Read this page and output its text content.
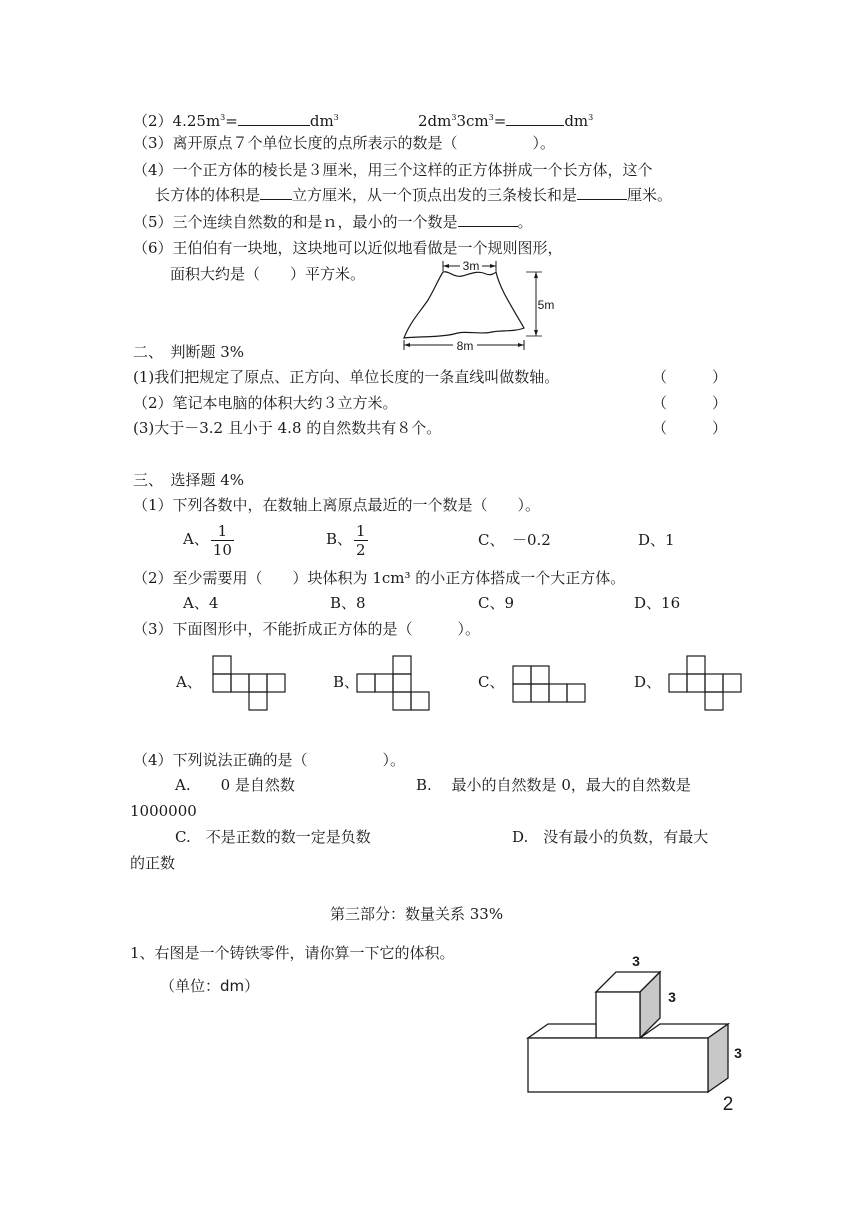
$(2)4.25m^3=$	$dm^3$	$2dm^33cm^3=$	$dm^3$
（3）离开原点７个单位长度的点所表示的数是（　　　　　）。
（4）一个正方体的棱长是３厘米，用三个这样的正方体拼成一个长方体，这个
长方体的体积是 立方厘米，从一个顶点出发的三条棱长和是	厘米。
（5）三个连续自然数的和是ｎ，最小的一个数是	。
（6）王伯伯有一块地，这块地可以近似地看做是一个规则图形，
面积大约是（　　）平方米。	3m
5m
8m
二、　判断题 3%
(1)我们把规定了原点、正方向、单位长度的一条直线叫做数轴。	（　　　）
（2）笔记本电脑的体积大约３立方米。	（　　　）
(3)大于－3.2 且小于 4.8 的自然数共有８个。	（　　　）
三、　选择题 4%
（1）下列各数中，在数轴上离原点最近的一个数是（　　）。
A、 $\frac{1}{10}$	B、 $\frac{1}{2}$	C、　－0.2	D、1
（2）至少需要用（　　）块体积为 1cm³ 的小正方体搭成一个大正方体。
A、4	B、8	C、9	D、16
（3）下面图形中，不能折成正方体的是（　　　）。
A、	B、	C、	D、
（4）下列说法正确的是（　　　　　）。
A.　　0 是自然数	B.　 最小的自然数是 0，最大的自然数是
1000000
C.　不是正数的数一定是负数	D.　没有最小的负数，有最大
的正数
第三部分：数量关系 33%
1、右图是一个铸铁零件，请你算一下它的体积。
（单位：dm）
3
3
3
2
